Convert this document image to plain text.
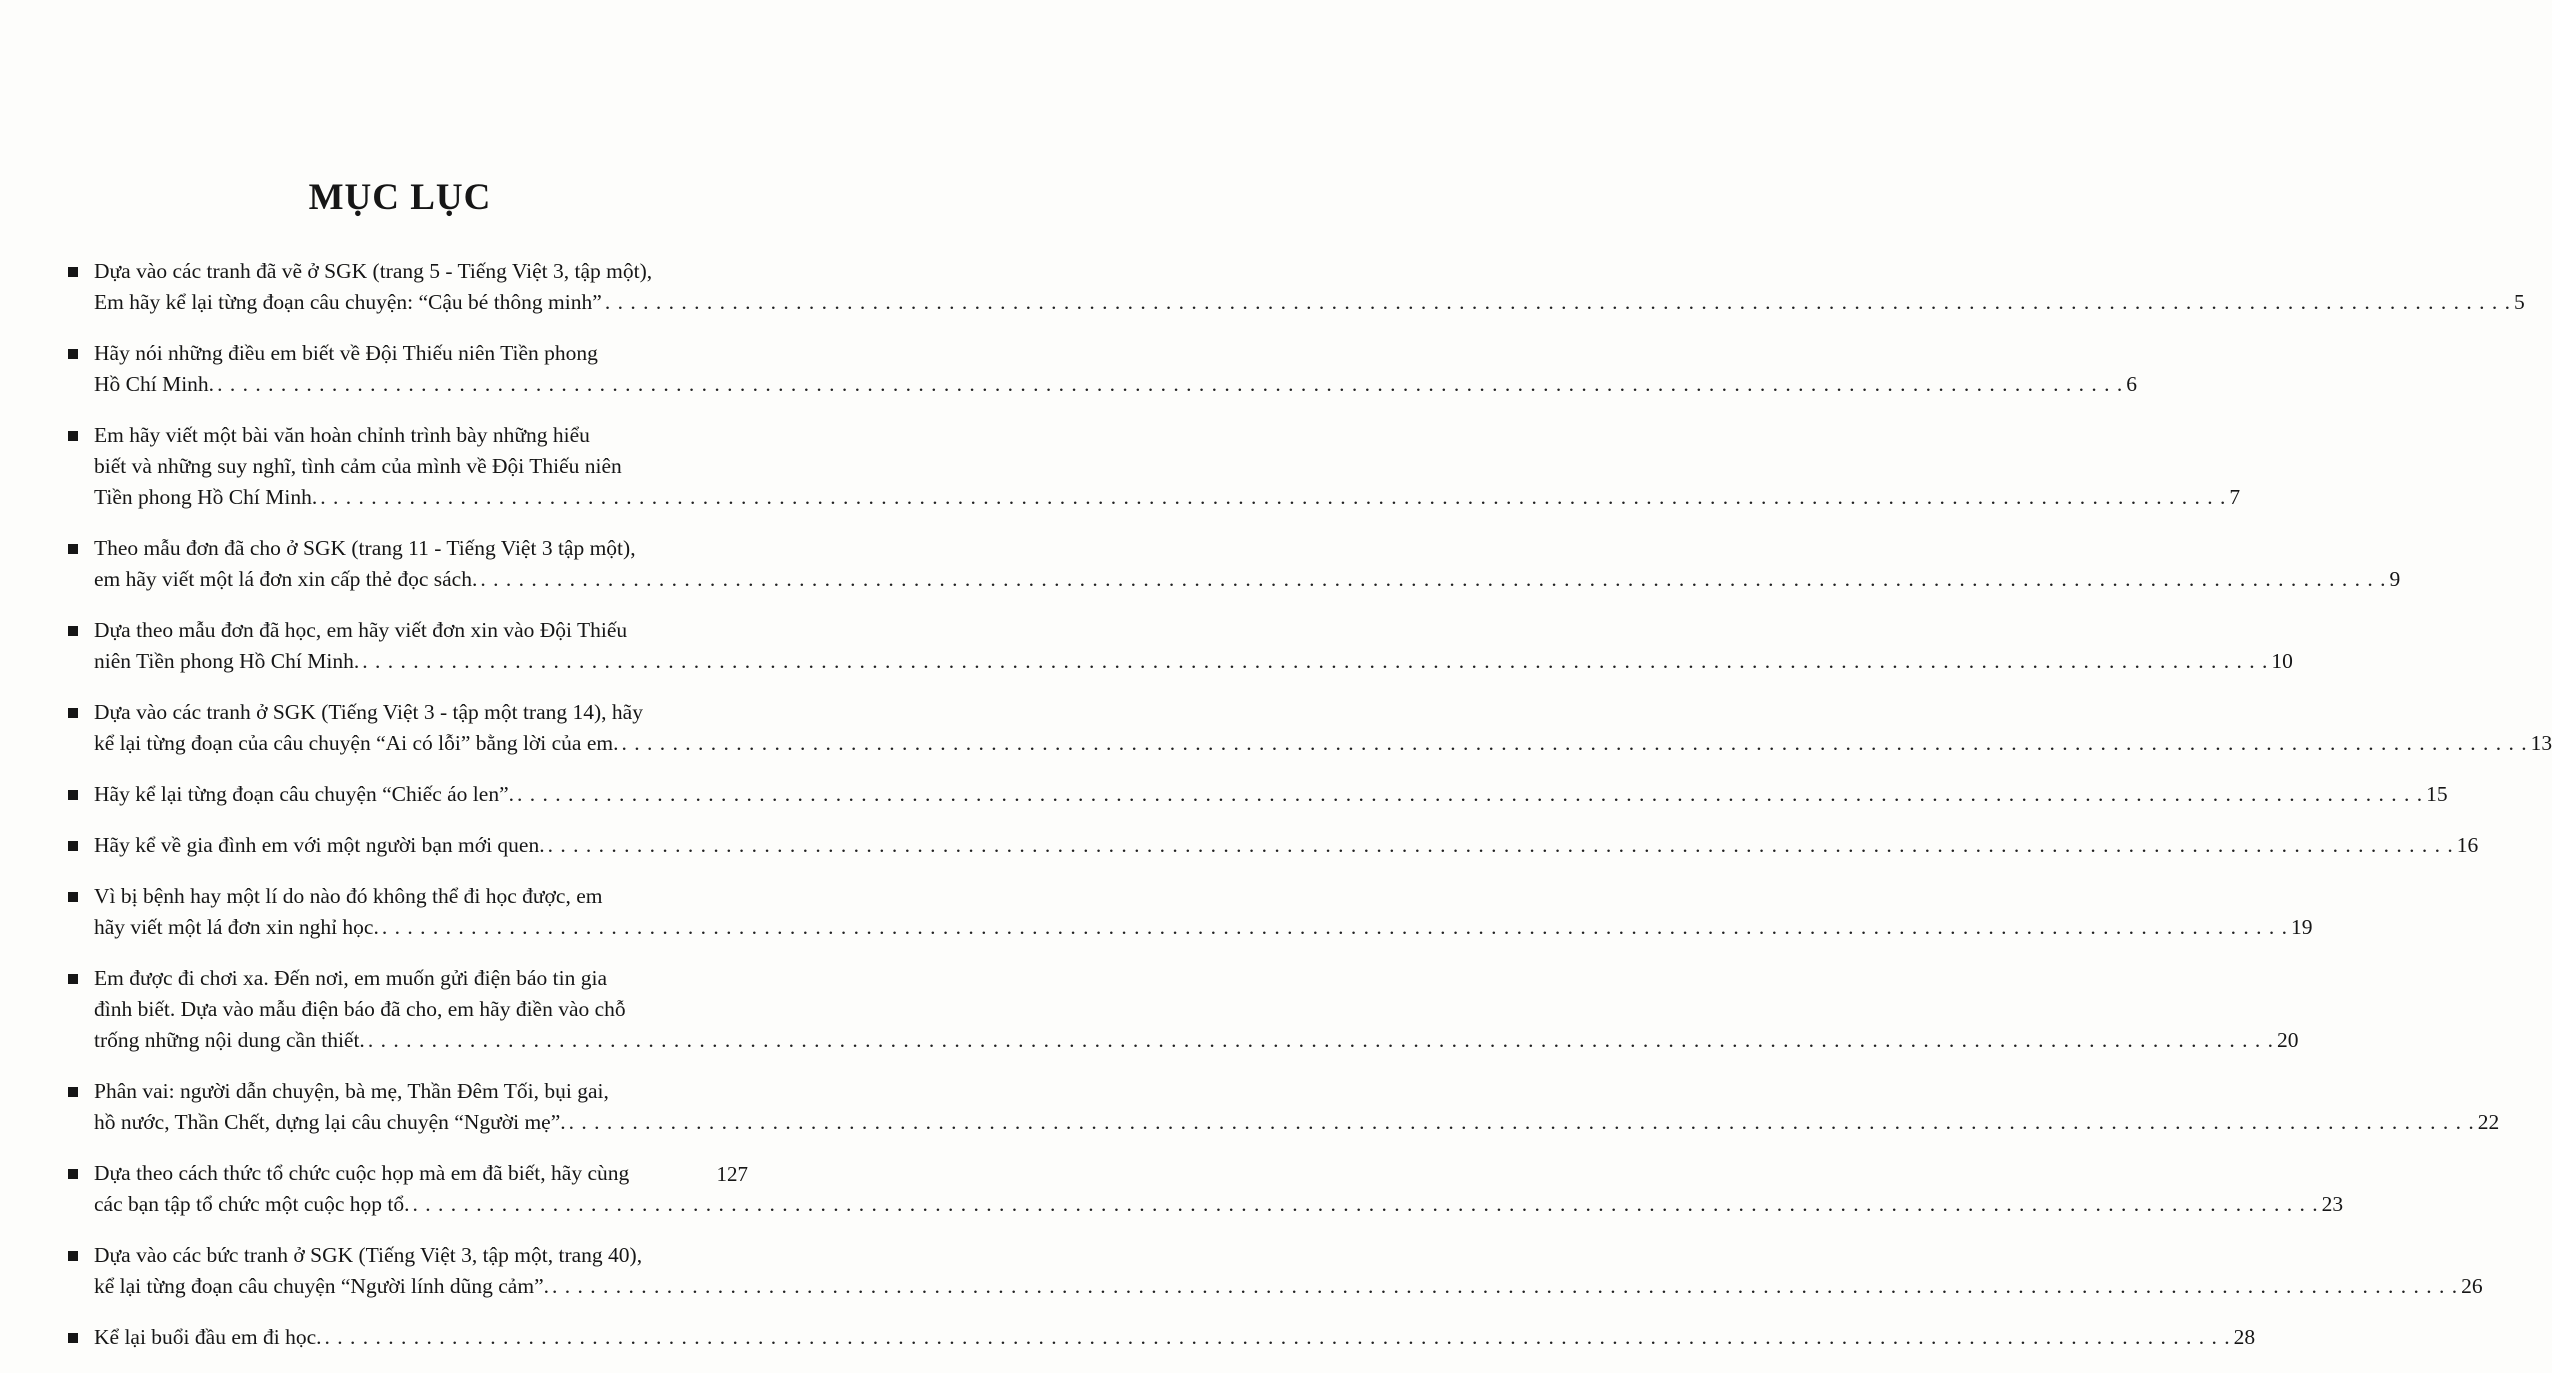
MỤC LỤC
Dựa vào các tranh đã vẽ ở SGK (trang 5 - Tiếng Việt 3, tập một),
Em hãy kể lại từng đoạn câu chuyện: “Cậu bé thông minh” . . . . . . . . . . . . . . . . . . . . . . . . . . . . . . . . . . . . . . . . . . . . . . . . . . . . . . . . . . . . . . . . . . . . . . . . . . . . . . . . . . . . . . . . . . . . . . . . . . . . . . . . . . . . . . . . . . . . . . . . . . . . . . . . . . . . . . . . . . . . . . . . . . . . . . 5
Hãy nói những điều em biết về Đội Thiếu niên Tiền phong
Hồ Chí Minh. . . . . . . . . . . . . . . . . . . . . . . . . . . . . . . . . . . . . . . . . . . . . . . . . . . . . . . . . . . . . . . . . . . . . . . . . . . . . . . . . . . . . . . . . . . . . . . . . . . . . . . . . . . . . . . . . . . . . . . . . . . . . . . . . . . . . . . . . . . . . . . . . . . . . . . 6
Em hãy viết một bài văn hoàn chỉnh trình bày những hiểu
biết và những suy nghĩ, tình cảm của mình về Đội Thiếu niên
Tiền phong Hồ Chí Minh. . . . . . . . . . . . . . . . . . . . . . . . . . . . . . . . . . . . . . . . . . . . . . . . . . . . . . . . . . . . . . . . . . . . . . . . . . . . . . . . . . . . . . . . . . . . . . . . . . . . . . . . . . . . . . . . . . . . . . . . . . . . . . . . . . . . . . . . . . . . . . . . . . . . . . . 7
Theo mẫu đơn đã cho ở SGK (trang 11 - Tiếng Việt 3 tập một),
em hãy viết một lá đơn xin cấp thẻ đọc sách. . . . . . . . . . . . . . . . . . . . . . . . . . . . . . . . . . . . . . . . . . . . . . . . . . . . . . . . . . . . . . . . . . . . . . . . . . . . . . . . . . . . . . . . . . . . . . . . . . . . . . . . . . . . . . . . . . . . . . . . . . . . . . . . . . . . . . . . . . . . . . . . . . . . . . . 9
Dựa theo mẫu đơn đã học, em hãy viết đơn xin vào Đội Thiếu
niên Tiền phong Hồ Chí Minh. . . . . . . . . . . . . . . . . . . . . . . . . . . . . . . . . . . . . . . . . . . . . . . . . . . . . . . . . . . . . . . . . . . . . . . . . . . . . . . . . . . . . . . . . . . . . . . . . . . . . . . . . . . . . . . . . . . . . . . . . . . . . . . . . . . . . . . . . . . . . . . . . . . . . . . 10
Dựa vào các tranh ở SGK (Tiếng Việt 3 - tập một trang 14), hãy
kể lại từng đoạn của câu chuyện “Ai có lỗi” bằng lời của em. . . . . . . . . . . . . . . . . . . . . . . . . . . . . . . . . . . . . . . . . . . . . . . . . . . . . . . . . . . . . . . . . . . . . . . . . . . . . . . . . . . . . . . . . . . . . . . . . . . . . . . . . . . . . . . . . . . . . . . . . . . . . . . . . . . . . . . . . . . . . . . . . . . . . . . 13
Hãy kể lại từng đoạn câu chuyện “Chiếc áo len”. . . . . . . . . . . . . . . . . . . . . . . . . . . . . . . . . . . . . . . . . . . . . . . . . . . . . . . . . . . . . . . . . . . . . . . . . . . . . . . . . . . . . . . . . . . . . . . . . . . . . . . . . . . . . . . . . . . . . . . . . . . . . . . . . . . . . . . . . . . . . . . . . . . . . . . 15
Hãy kể về gia đình em với một người bạn mới quen. . . . . . . . . . . . . . . . . . . . . . . . . . . . . . . . . . . . . . . . . . . . . . . . . . . . . . . . . . . . . . . . . . . . . . . . . . . . . . . . . . . . . . . . . . . . . . . . . . . . . . . . . . . . . . . . . . . . . . . . . . . . . . . . . . . . . . . . . . . . . . . . . . . . . . . 16
Vì bị bệnh hay một lí do nào đó không thể đi học được, em
hãy viết một lá đơn xin nghỉ học. . . . . . . . . . . . . . . . . . . . . . . . . . . . . . . . . . . . . . . . . . . . . . . . . . . . . . . . . . . . . . . . . . . . . . . . . . . . . . . . . . . . . . . . . . . . . . . . . . . . . . . . . . . . . . . . . . . . . . . . . . . . . . . . . . . . . . . . . . . . . . . . . . . . . . . 19
Em được đi chơi xa. Đến nơi, em muốn gửi điện báo tin gia
đình biết. Dựa vào mẫu điện báo đã cho, em hãy điền vào chỗ
trống những nội dung cần thiết. . . . . . . . . . . . . . . . . . . . . . . . . . . . . . . . . . . . . . . . . . . . . . . . . . . . . . . . . . . . . . . . . . . . . . . . . . . . . . . . . . . . . . . . . . . . . . . . . . . . . . . . . . . . . . . . . . . . . . . . . . . . . . . . . . . . . . . . . . . . . . . . . . . . . . . 20
Phân vai: người dẫn chuyện, bà mẹ, Thần Đêm Tối, bụi gai,
hồ nước, Thần Chết, dựng lại câu chuyện “Người mẹ”. . . . . . . . . . . . . . . . . . . . . . . . . . . . . . . . . . . . . . . . . . . . . . . . . . . . . . . . . . . . . . . . . . . . . . . . . . . . . . . . . . . . . . . . . . . . . . . . . . . . . . . . . . . . . . . . . . . . . . . . . . . . . . . . . . . . . . . . . . . . . . . . . . . . . . . 22
Dựa theo cách thức tổ chức cuộc họp mà em đã biết, hãy cùng
các bạn tập tổ chức một cuộc họp tổ. . . . . . . . . . . . . . . . . . . . . . . . . . . . . . . . . . . . . . . . . . . . . . . . . . . . . . . . . . . . . . . . . . . . . . . . . . . . . . . . . . . . . . . . . . . . . . . . . . . . . . . . . . . . . . . . . . . . . . . . . . . . . . . . . . . . . . . . . . . . . . . . . . . . . . . 23
Dựa vào các bức tranh ở SGK (Tiếng Việt 3, tập một, trang 40),
kể lại từng đoạn câu chuyện “Người lính dũng cảm”. . . . . . . . . . . . . . . . . . . . . . . . . . . . . . . . . . . . . . . . . . . . . . . . . . . . . . . . . . . . . . . . . . . . . . . . . . . . . . . . . . . . . . . . . . . . . . . . . . . . . . . . . . . . . . . . . . . . . . . . . . . . . . . . . . . . . . . . . . . . . . . . . . . . . . . 26
Kể lại buổi đầu em đi học. . . . . . . . . . . . . . . . . . . . . . . . . . . . . . . . . . . . . . . . . . . . . . . . . . . . . . . . . . . . . . . . . . . . . . . . . . . . . . . . . . . . . . . . . . . . . . . . . . . . . . . . . . . . . . . . . . . . . . . . . . . . . . . . . . . . . . . . . . . . . . . . . . . . . . . 28
127
